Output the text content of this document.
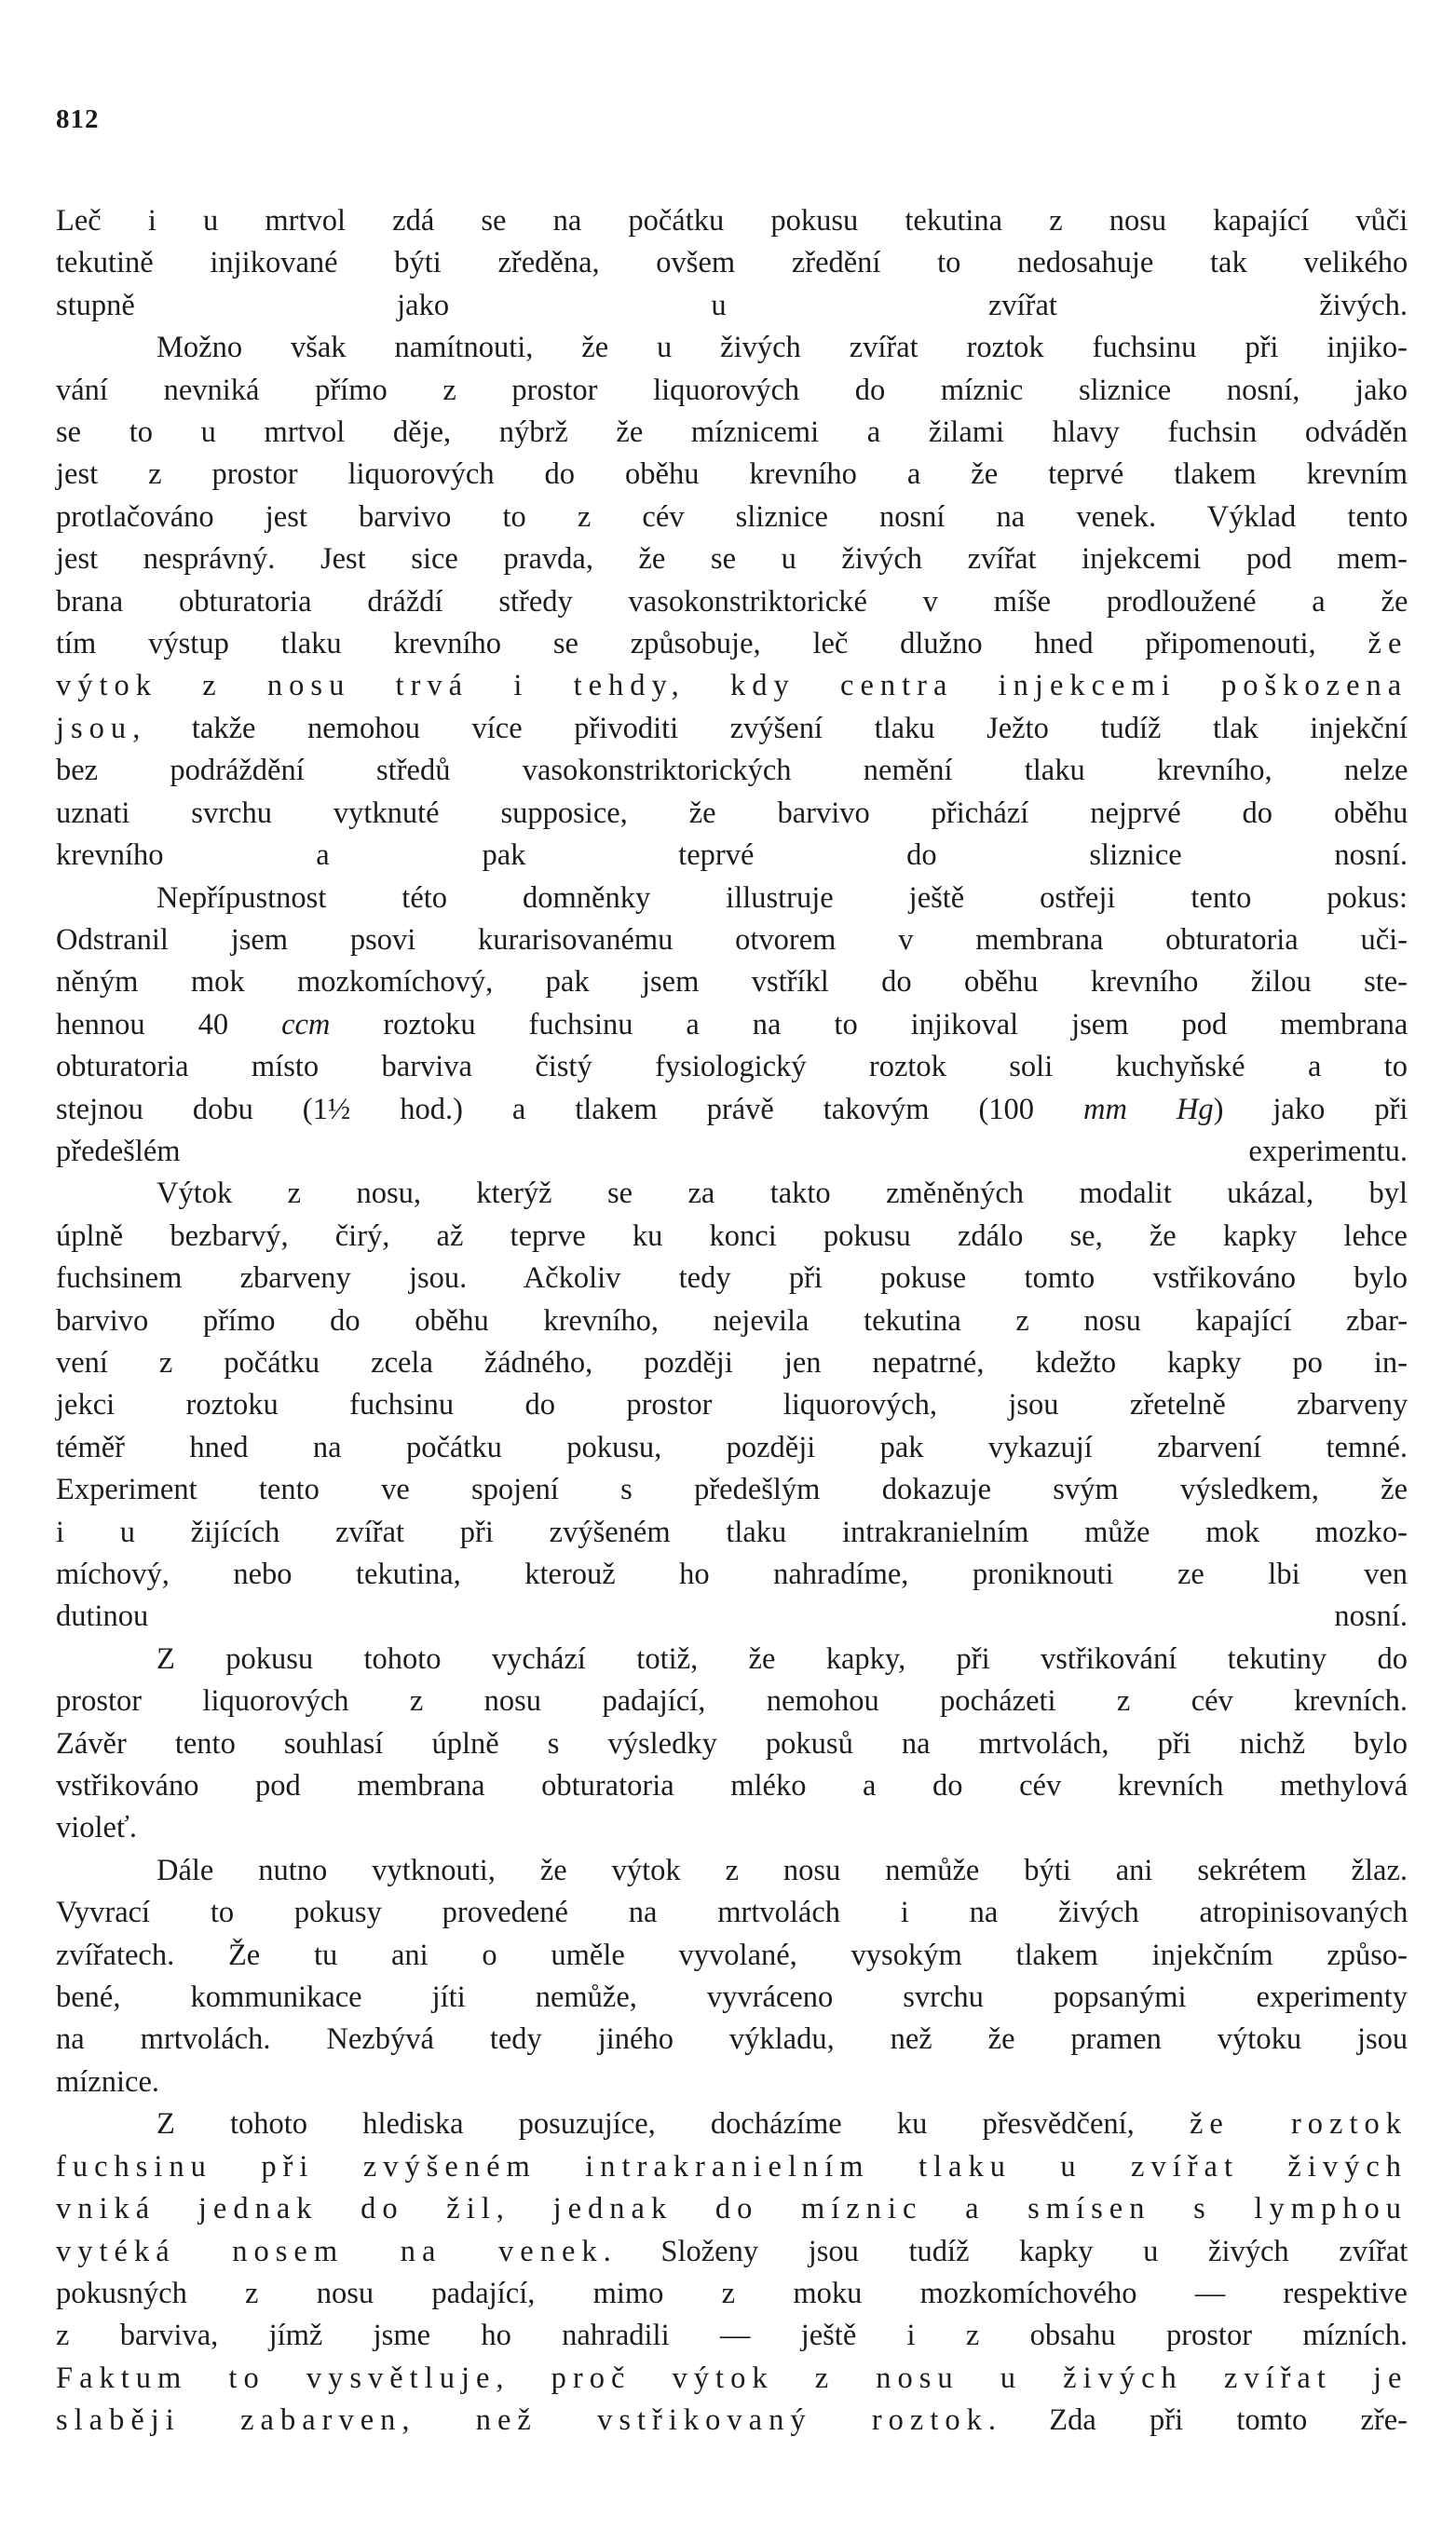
812

Leč i u mrtvol zdá se na počátku pokusu tekutina z nosu kapající vůči
tekutině injikované býti zředěna, ovšem zředění to nedosahuje tak velikého
stupně jako u zvířat živých.

Možno však namítnouti, že u živých zvířat roztok fuchsinu při injiko-
vání nevniká přímo z prostor liquorových do míznic sliznice nosní, jako
se to u mrtvol děje, nýbrž že míznicemi a žilami hlavy fuchsin odváděn
jest z prostor liquorových do oběhu krevního a že teprvé tlakem krevním
protlačováno jest barvivo to z cév sliznice nosní na venek. Výklad tento
jest nesprávný. Jest sice pravda, že se u živých zvířat injekcemi pod mem-
brana obturatoria dráždí středy vasokonstriktorické v míše prodloužené a že
tím výstup tlaku krevního se způsobuje, leč dlužno hned připomenouti, že
výtok z nosu trvá i tehdy, kdy centra injekcemi poškozena
jsou, takže nemohou více přivoditi zvýšení tlaku Ježto tudíž tlak injekční
bez podráždění středů vasokonstriktorických nemění tlaku krevního, nelze
uznati svrchu vytknuté supposice, že barvivo přichází nejprvé do oběhu
krevního a pak teprvé do sliznice nosní.

Nepřípustnost této domněnky illustruje ještě ostřeji tento pokus:
Odstranil jsem psovi kurarisovanému otvorem v membrana obturatoria uči-
něným mok mozkomíchový, pak jsem vstříkl do oběhu krevního žilou ste-
hennou 40 ccm roztoku fuchsinu a na to injikoval jsem pod membrana
obturatoria místo barviva čistý fysiologický roztok soli kuchyňské a to
stejnou dobu (1½ hod.) a tlakem právě takovým (100 mm Hg) jako při
předešlém experimentu.

Výtok z nosu, kterýž se za takto změněných modalit ukázal, byl
úplně bezbarvý, čirý, až teprve ku konci pokusu zdálo se, že kapky lehce
fuchsinem zbarveny jsou. Ačkoliv tedy při pokuse tomto vstřikováno bylo
barvivo přímo do oběhu krevního, nejevila tekutina z nosu kapající zbar-
vení z počátku zcela žádného, později jen nepatrné, kdežto kapky po in-
jekci roztoku fuchsinu do prostor liquorových, jsou zřetelně zbarveny
téměř hned na počátku pokusu, později pak vykazují zbarvení temné.
Experiment tento ve spojení s předešlým dokazuje svým výsledkem, že
i u žijících zvířat při zvýšeném tlaku intrakranielním může mok mozko-
míchový, nebo tekutina, kterouž ho nahradíme, proniknouti ze lbi ven
dutinou nosní.

Z pokusu tohoto vychází totiž, že kapky, při vstřikování tekutiny do
prostor liquorových z nosu padající, nemohou pocházeti z cév krevních.
Závěr tento souhlasí úplně s výsledky pokusů na mrtvolách, při nichž bylo
vstřikováno pod membrana obturatoria mléko a do cév krevních methylová
violeť.

Dále nutno vytknouti, že výtok z nosu nemůže býti ani sekrétem žlaz.
Vyvrací to pokusy provedené na mrtvolách i na živých atropinisovaných
zvířatech. Že tu ani o uměle vyvolané, vysokým tlakem injekčním způso-
bené, kommunikace jíti nemůže, vyvráceno svrchu popsanými experimenty
na mrtvolách. Nezbývá tedy jiného výkladu, než že pramen výtoku jsou
míznice.

Z tohoto hlediska posuzujíce, docházíme ku přesvědčení, že roztok
fuchsinu při zvýšeném intrakranielním tlaku u zvířat živých
vniká jednak do žil, jednak do míznic a smísen s lymphou
vytéká nosem na venek. Složeny jsou tudíž kapky u živých zvířat
pokusných z nosu padající, mimo z moku mozkomíchového — respektive
z barviva, jímž jsme ho nahradili — ještě i z obsahu prostor mízních.
Faktum to vysvětluje, proč výtok z nosu u živých zvířat je
slaběji zabarven, než vstřikovaný roztok. Zda při tomto zře-
